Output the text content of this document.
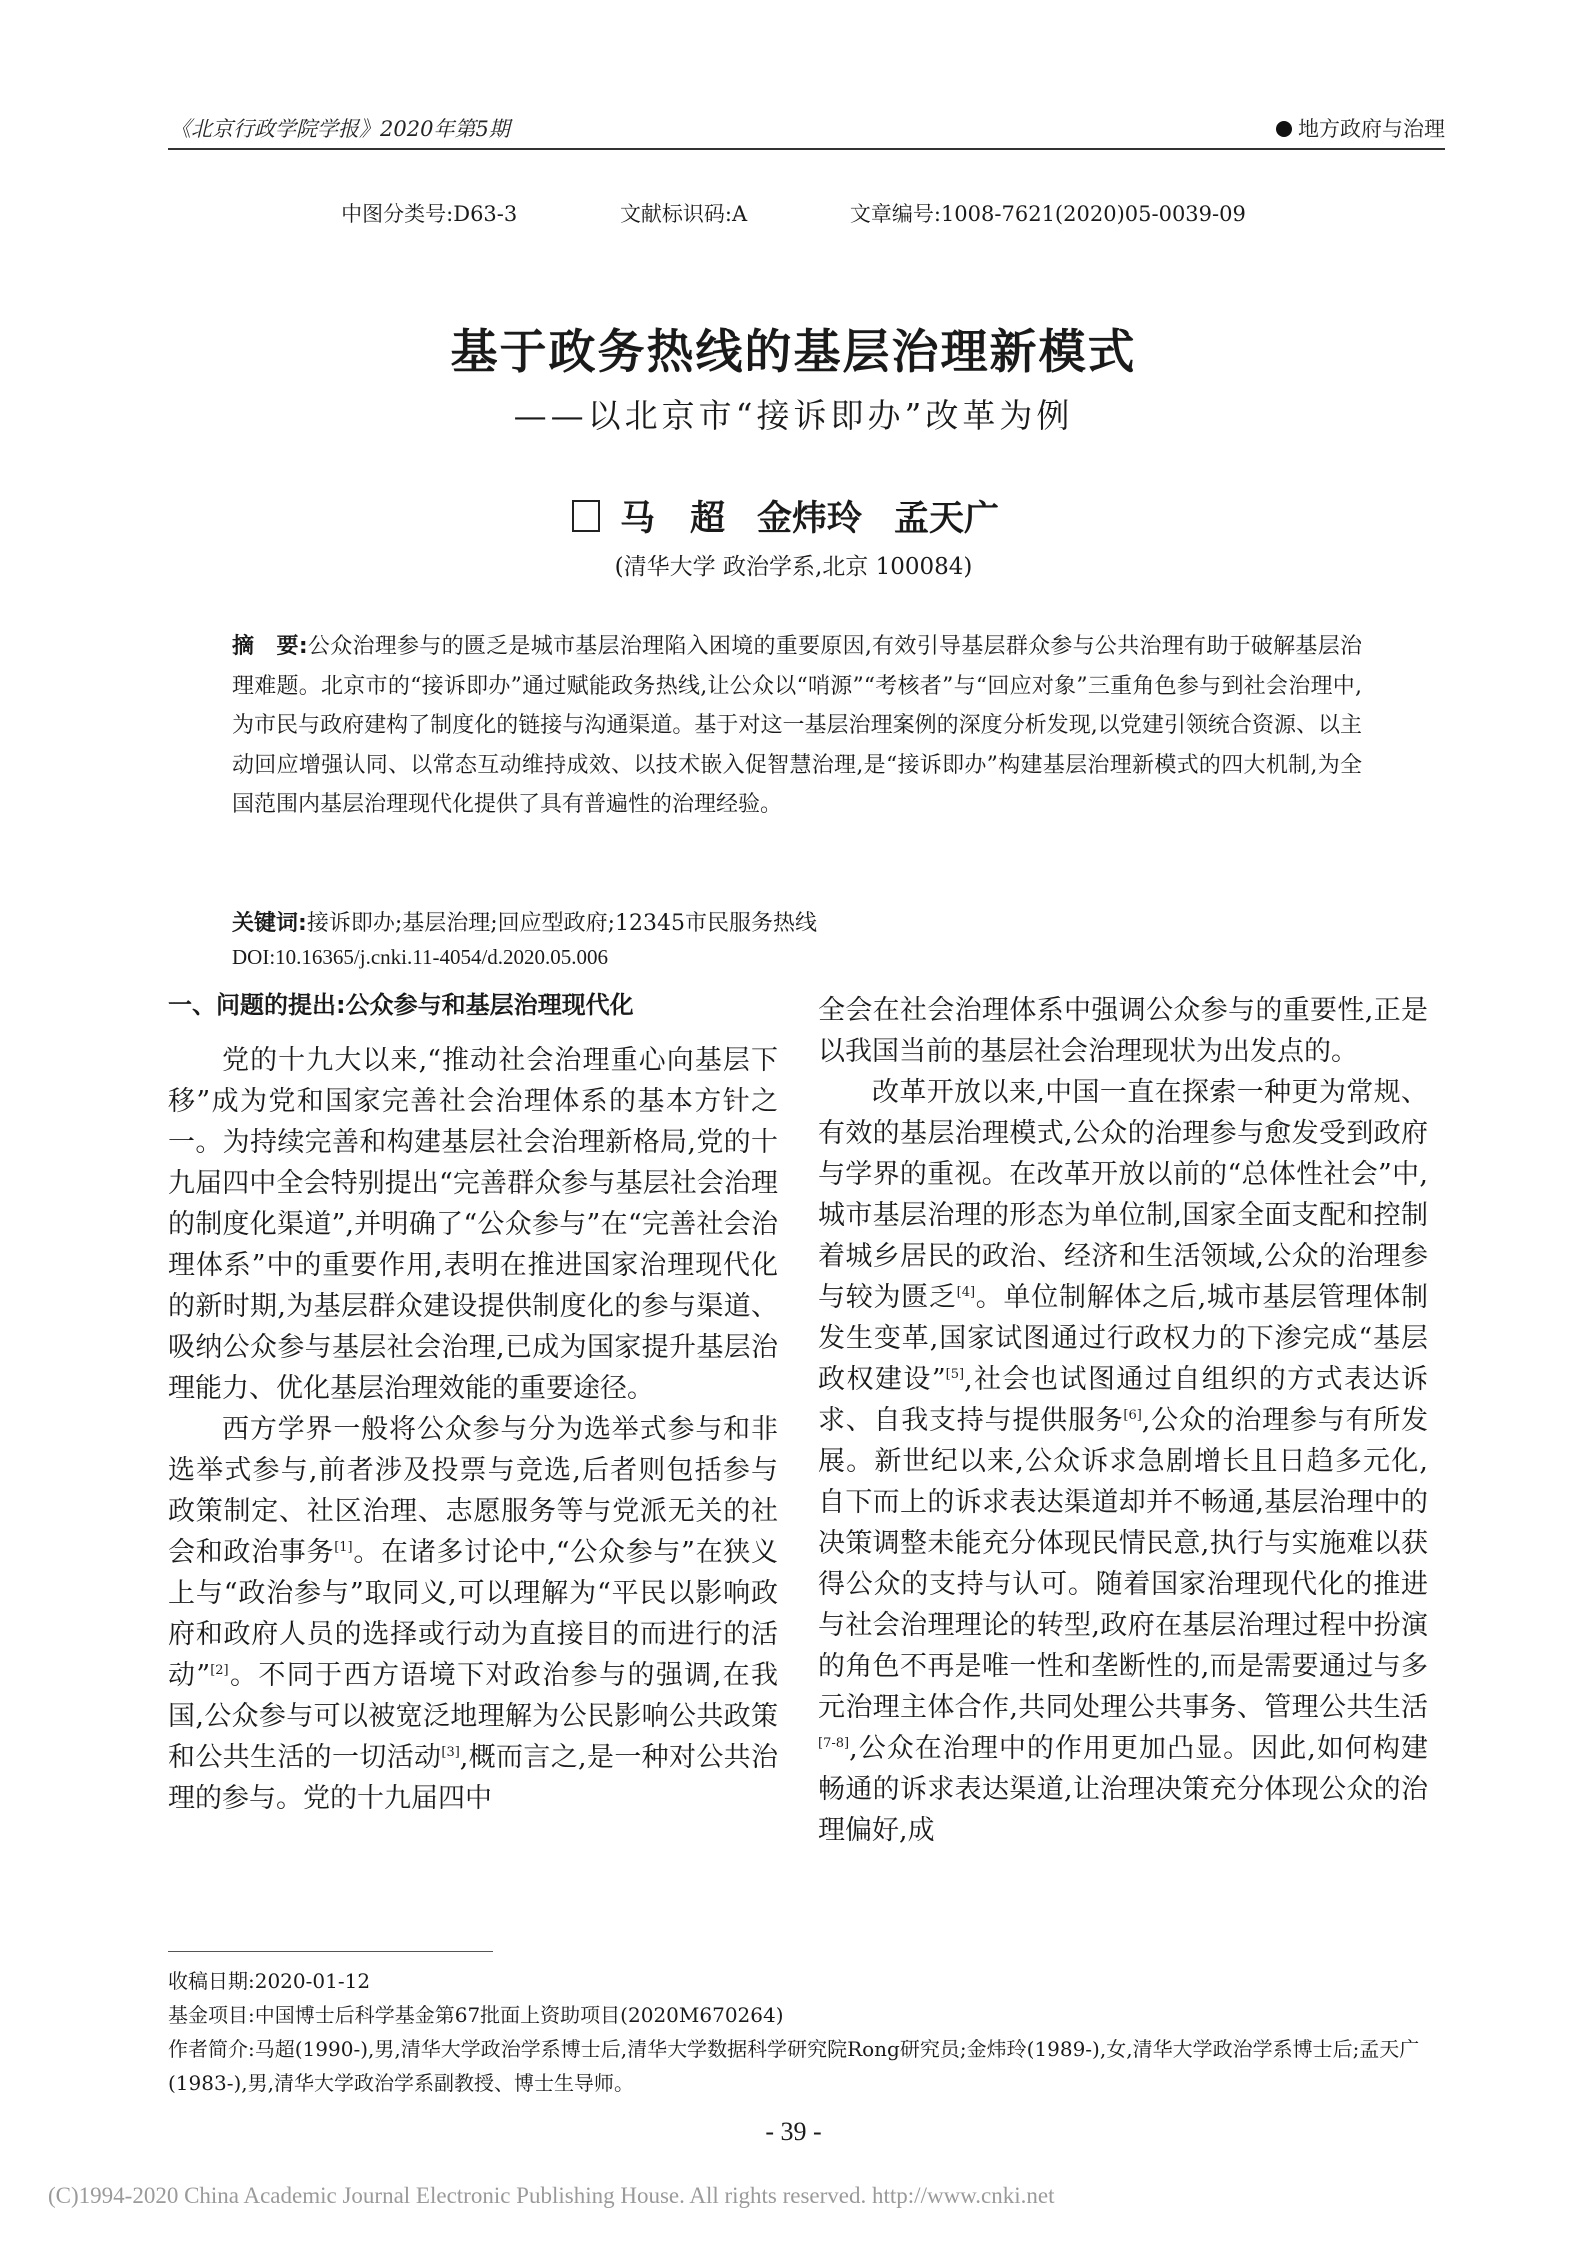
《北京行政学院学报》2020年第5期	地方政府与治理
中图分类号:D63-3	文献标识码:A	文章编号:1008-7621(2020)05-0039-09
基于政务热线的基层治理新模式
——以北京市“接诉即办”改革为例
马　超 金炜玲 孟天广
(清华大学 政治学系,北京 100084)
摘　要:公众治理参与的匮乏是城市基层治理陷入困境的重要原因,有效引导基层群众参与公共治理有助于破解基层治理难题。北京市的“接诉即办”通过赋能政务热线,让公众以“哨源”“考核者”与“回应对象”三重角色参与到社会治理中,为市民与政府建构了制度化的链接与沟通渠道。基于对这一基层治理案例的深度分析发现,以党建引领统合资源、以主动回应增强认同、以常态互动维持成效、以技术嵌入促智慧治理,是“接诉即办”构建基层治理新模式的四大机制,为全国范围内基层治理现代化提供了具有普遍性的治理经验。
关键词:接诉即办;基层治理;回应型政府;12345市民服务热线
DOI:10.16365/j.cnki.11-4054/d.2020.05.006
一、问题的提出:公众参与和基层治理现代化

党的十九大以来,“推动社会治理重心向基层下移”成为党和国家完善社会治理体系的基本方针之一。为持续完善和构建基层社会治理新格局,党的十九届四中全会特别提出“完善群众参与基层社会治理的制度化渠道”,并明确了“公众参与”在“完善社会治理体系”中的重要作用,表明在推进国家治理现代化的新时期,为基层群众建设提供制度化的参与渠道、吸纳公众参与基层社会治理,已成为国家提升基层治理能力、优化基层治理效能的重要途径。

西方学界一般将公众参与分为选举式参与和非选举式参与,前者涉及投票与竞选,后者则包括参与政策制定、社区治理、志愿服务等与党派无关的社会和政治事务[1]。在诸多讨论中,“公众参与”在狭义上与“政治参与”取同义,可以理解为“平民以影响政府和政府人员的选择或行动为直接目的而进行的活动”[2]。不同于西方语境下对政治参与的强调,在我国,公众参与可以被宽泛地理解为公民影响公共政策和公共生活的一切活动[3],概而言之,是一种对公共治理的参与。党的十九届四中

全会在社会治理体系中强调公众参与的重要性,正是以我国当前的基层社会治理现状为出发点的。

改革开放以来,中国一直在探索一种更为常规、有效的基层治理模式,公众的治理参与愈发受到政府与学界的重视。在改革开放以前的“总体性社会”中,城市基层治理的形态为单位制,国家全面支配和控制着城乡居民的政治、经济和生活领域,公众的治理参与较为匮乏[4]。单位制解体之后,城市基层管理体制发生变革,国家试图通过行政权力的下渗完成“基层政权建设”[5],社会也试图通过自组织的方式表达诉求、自我支持与提供服务[6],公众的治理参与有所发展。新世纪以来,公众诉求急剧增长且日趋多元化,自下而上的诉求表达渠道却并不畅通,基层治理中的决策调整未能充分体现民情民意,执行与实施难以获得公众的支持与认可。随着国家治理现代化的推进与社会治理理论的转型,政府在基层治理过程中扮演的角色不再是唯一性和垄断性的,而是需要通过与多元治理主体合作,共同处理公共事务、管理公共生活[7-8],公众在治理中的作用更加凸显。因此,如何构建畅通的诉求表达渠道,让治理决策充分体现公众的治理偏好,成

收稿日期:2020-01-12
基金项目:中国博士后科学基金第67批面上资助项目(2020M670264)
作者简介:马超(1990-),男,清华大学政治学系博士后,清华大学数据科学研究院Rong研究员;金炜玲(1989-),女,清华大学政治学系博士后;孟天广(1983-),男,清华大学政治学系副教授、博士生导师。
- 39 -
(C)1994-2020 China Academic Journal Electronic Publishing House. All rights reserved. http://www.cnki.net
